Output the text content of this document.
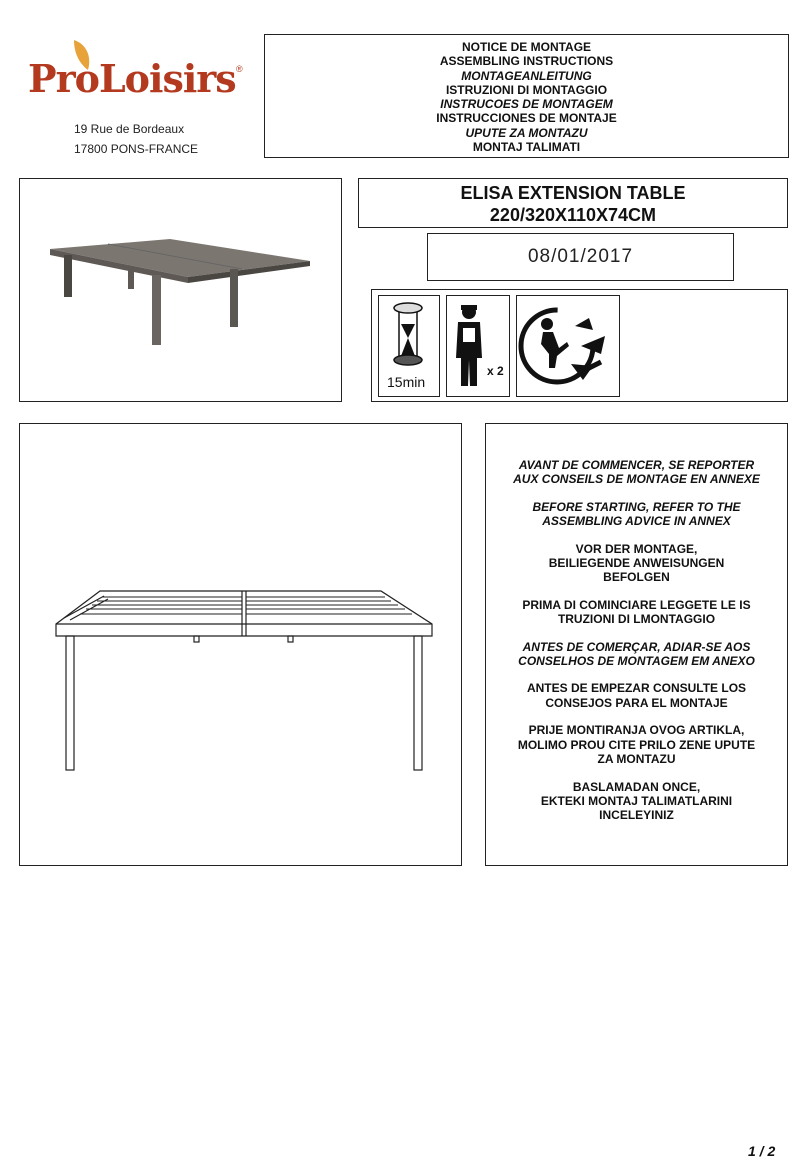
ProLoisirs ®
19 Rue de Bordeaux
17800 PONS-FRANCE
NOTICE DE MONTAGE
ASSEMBLING INSTRUCTIONS
MONTAGEANLEITUNG
ISTRUZIONI DI MONTAGGIO
INSTRUCOES DE MONTAGEM
INSTRUCCIONES DE MONTAJE
UPUTE ZA MONTAZU
MONTAJ TALIMATI
ELISA EXTENSION TABLE
220/320X110X74CM
08/01/2017
15min
x 2
AVANT DE COMMENCER, SE REPORTER
AUX CONSEILS DE MONTAGE EN ANNEXE
BEFORE STARTING, REFER TO THE
ASSEMBLING ADVICE IN ANNEX
VOR DER MONTAGE,
BEILIEGENDE ANWEISUNGEN
BEFOLGEN
PRIMA DI COMINCIARE LEGGETE LE IS
TRUZIONI DI LMONTAGGIO
ANTES DE COMERÇAR, ADIAR-SE AOS
CONSELHOS DE MONTAGEM EM ANEXO
ANTES DE EMPEZAR CONSULTE LOS
CONSEJOS PARA EL MONTAJE
PRIJE MONTIRANJA OVOG ARTIKLA,
MOLIMO PROU CITE PRILO ZENE UPUTE
ZA MONTAZU
BASLAMADAN ONCE,
EKTEKI MONTAJ TALIMATLARINI
INCELEYINIZ
1 / 2
